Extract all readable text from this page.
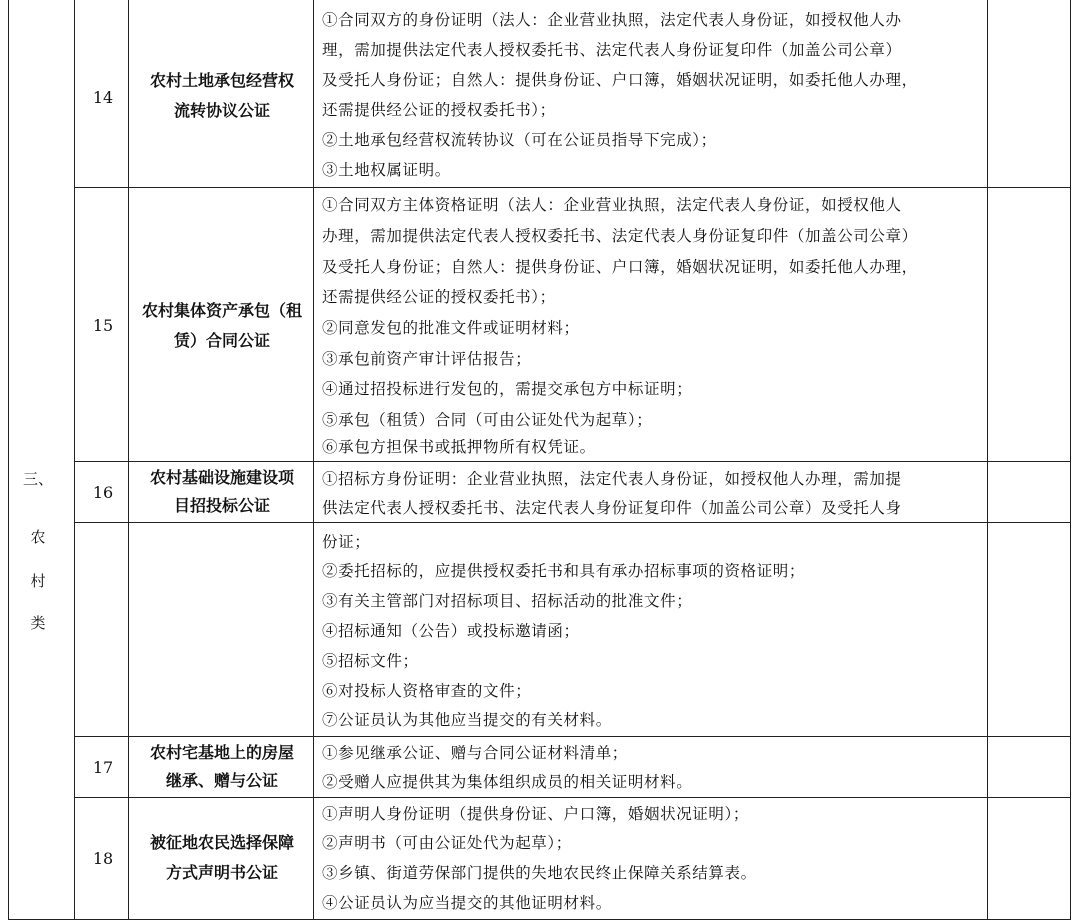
三、
农
村
类
14
农村土地承包经营权
流转协议公证
①合同双方的身份证明（法人：企业营业执照，法定代表人身份证，如授权他人办
理，需加提供法定代表人授权委托书、法定代表人身份证复印件（加盖公司公章）
及受托人身份证；自然人：提供身份证、户口簿，婚姻状况证明，如委托他人办理，
还需提供经公证的授权委托书）；
②土地承包经营权流转协议（可在公证员指导下完成）；
③土地权属证明。
15
农村集体资产承包（租
赁）合同公证
①合同双方主体资格证明（法人：企业营业执照，法定代表人身份证，如授权他人
办理，需加提供法定代表人授权委托书、法定代表人身份证复印件（加盖公司公章）
及受托人身份证；自然人：提供身份证、户口簿，婚姻状况证明，如委托他人办理，
还需提供经公证的授权委托书）；
②同意发包的批准文件或证明材料；
③承包前资产审计评估报告；
④通过招投标进行发包的，需提交承包方中标证明；
⑤承包（租赁）合同（可由公证处代为起草）；
⑥承包方担保书或抵押物所有权凭证。
16
农村基础设施建设项
目招投标公证
①招标方身份证明：企业营业执照，法定代表人身份证，如授权他人办理，需加提
供法定代表人授权委托书、法定代表人身份证复印件（加盖公司公章）及受托人身
份证；
②委托招标的，应提供授权委托书和具有承办招标事项的资格证明；
③有关主管部门对招标项目、招标活动的批准文件；
④招标通知（公告）或投标邀请函；
⑤招标文件；
⑥对投标人资格审查的文件；
⑦公证员认为其他应当提交的有关材料。
17
农村宅基地上的房屋
继承、赠与公证
①参见继承公证、赠与合同公证材料清单；
②受赠人应提供其为集体组织成员的相关证明材料。
18
被征地农民选择保障
方式声明书公证
①声明人身份证明（提供身份证、户口簿，婚姻状况证明）；
②声明书（可由公证处代为起草）；
③乡镇、街道劳保部门提供的失地农民终止保障关系结算表。
④公证员认为应当提交的其他证明材料。
